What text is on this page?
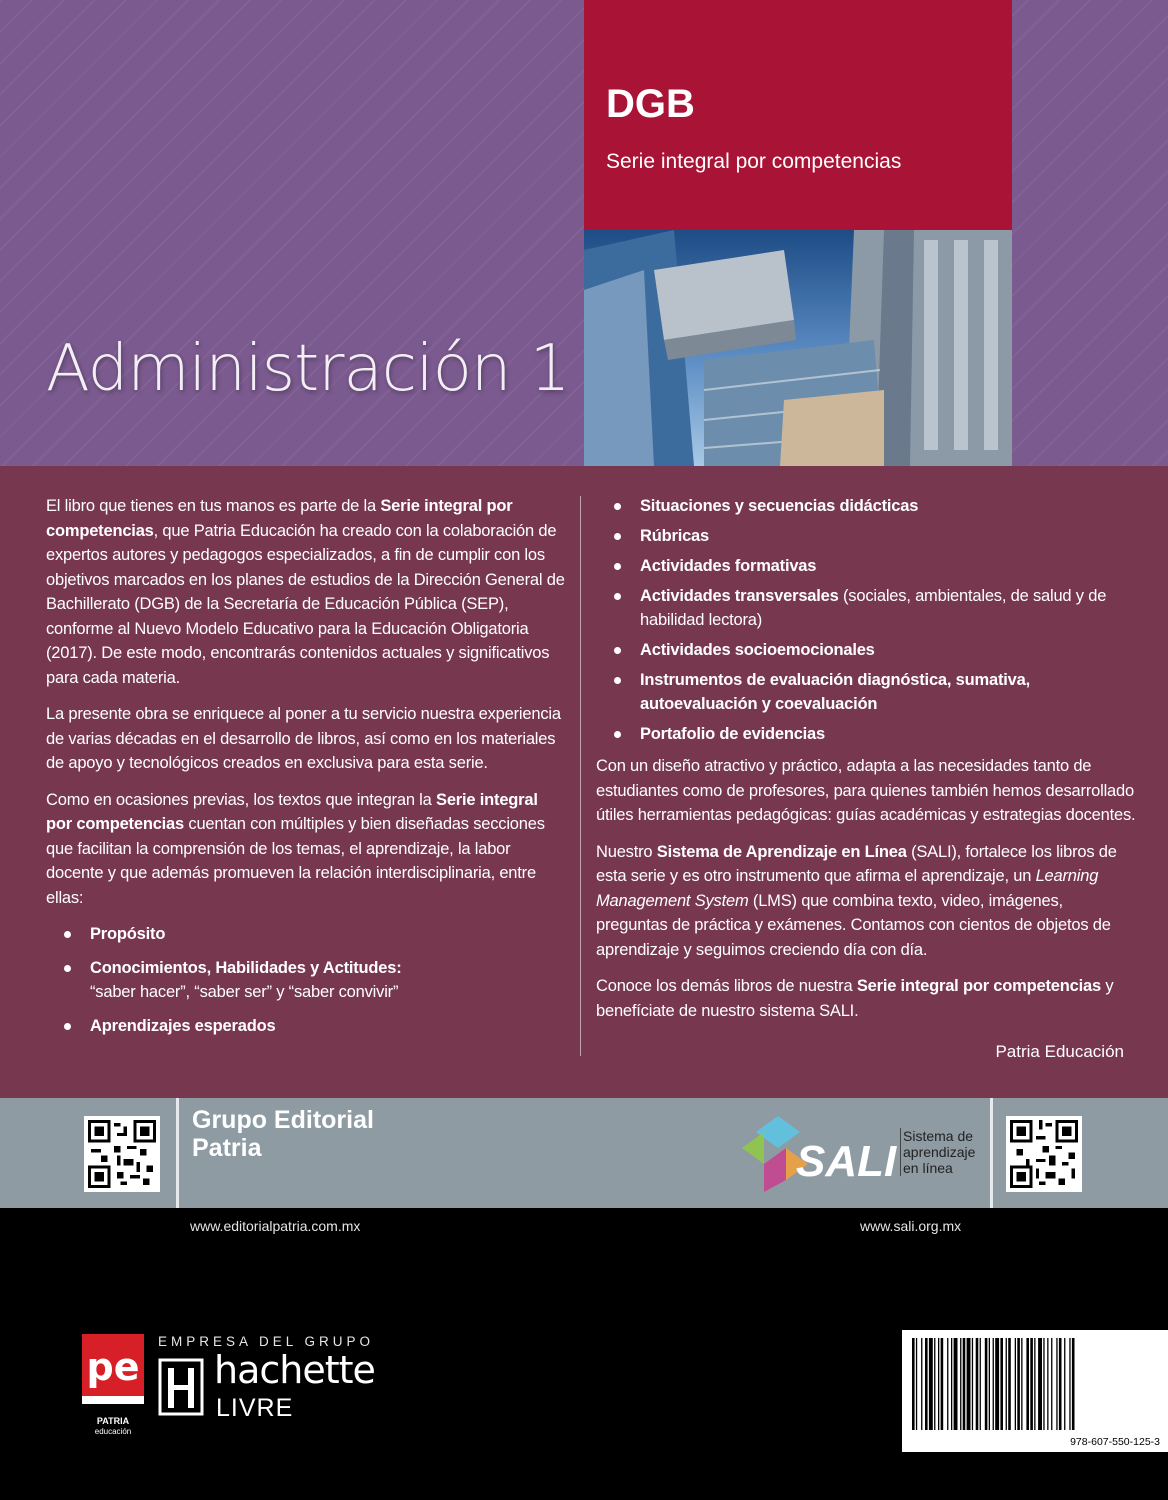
Administración 1
DGB
Serie integral por competencias

El libro que tienes en tus manos es parte de la Serie integral por competencias, que Patria Educación ha creado con la colaboración de expertos autores y pedagogos especializados, a fin de cumplir con los objetivos marcados en los planes de estudios de la Dirección General de Bachillerato (DGB) de la Secretaría de Educación Pública (SEP), conforme al Nuevo Modelo Educativo para la Educación Obligatoria (2017). De este modo, encontrarás contenidos actuales y significativos para cada materia.

La presente obra se enriquece al poner a tu servicio nuestra experiencia de varias décadas en el desarrollo de libros, así como en los materiales de apoyo y tecnológicos creados en exclusiva para esta serie.

Como en ocasiones previas, los textos que integran la Serie integral por competencias cuentan con múltiples y bien diseñadas secciones que facilitan la comprensión de los temas, el aprendizaje, la labor docente y que además promueven la relación interdisciplinaria, entre ellas:

Propósito
Conocimientos, Habilidades y Actitudes:
“saber hacer”, “saber ser” y “saber convivir”
Aprendizajes esperados
Situaciones y secuencias didácticas
Rúbricas
Actividades formativas
Actividades transversales (sociales, ambientales, de salud y de habilidad lectora)
Actividades socioemocionales
Instrumentos de evaluación diagnóstica, sumativa, autoevaluación y coevaluación
Portafolio de evidencias

Con un diseño atractivo y práctico, adapta a las necesidades tanto de estudiantes como de profesores, para quienes también hemos desarrollado útiles herramientas pedagógicas: guías académicas y estrategias docentes.

Nuestro Sistema de Aprendizaje en Línea (SALI), fortalece los libros de esta serie y es otro instrumento que afirma el aprendizaje, un Learning Management System (LMS) que combina texto, video, imágenes, preguntas de práctica y exámenes. Contamos con cientos de objetos de aprendizaje y seguimos creciendo día con día.

Conoce los demás libros de nuestra Serie integral por competencias y benefíciate de nuestro sistema SALI.

Patria Educación
Grupo Editorial Patria	SALI
Sistema de aprendizaje en línea
www.editorialpatria.com.mx	www.sali.org.mx
pe
PATRIA
educación
EMPRESA DEL GRUPO
hachette
LIVRE
978-607-550-125-3
